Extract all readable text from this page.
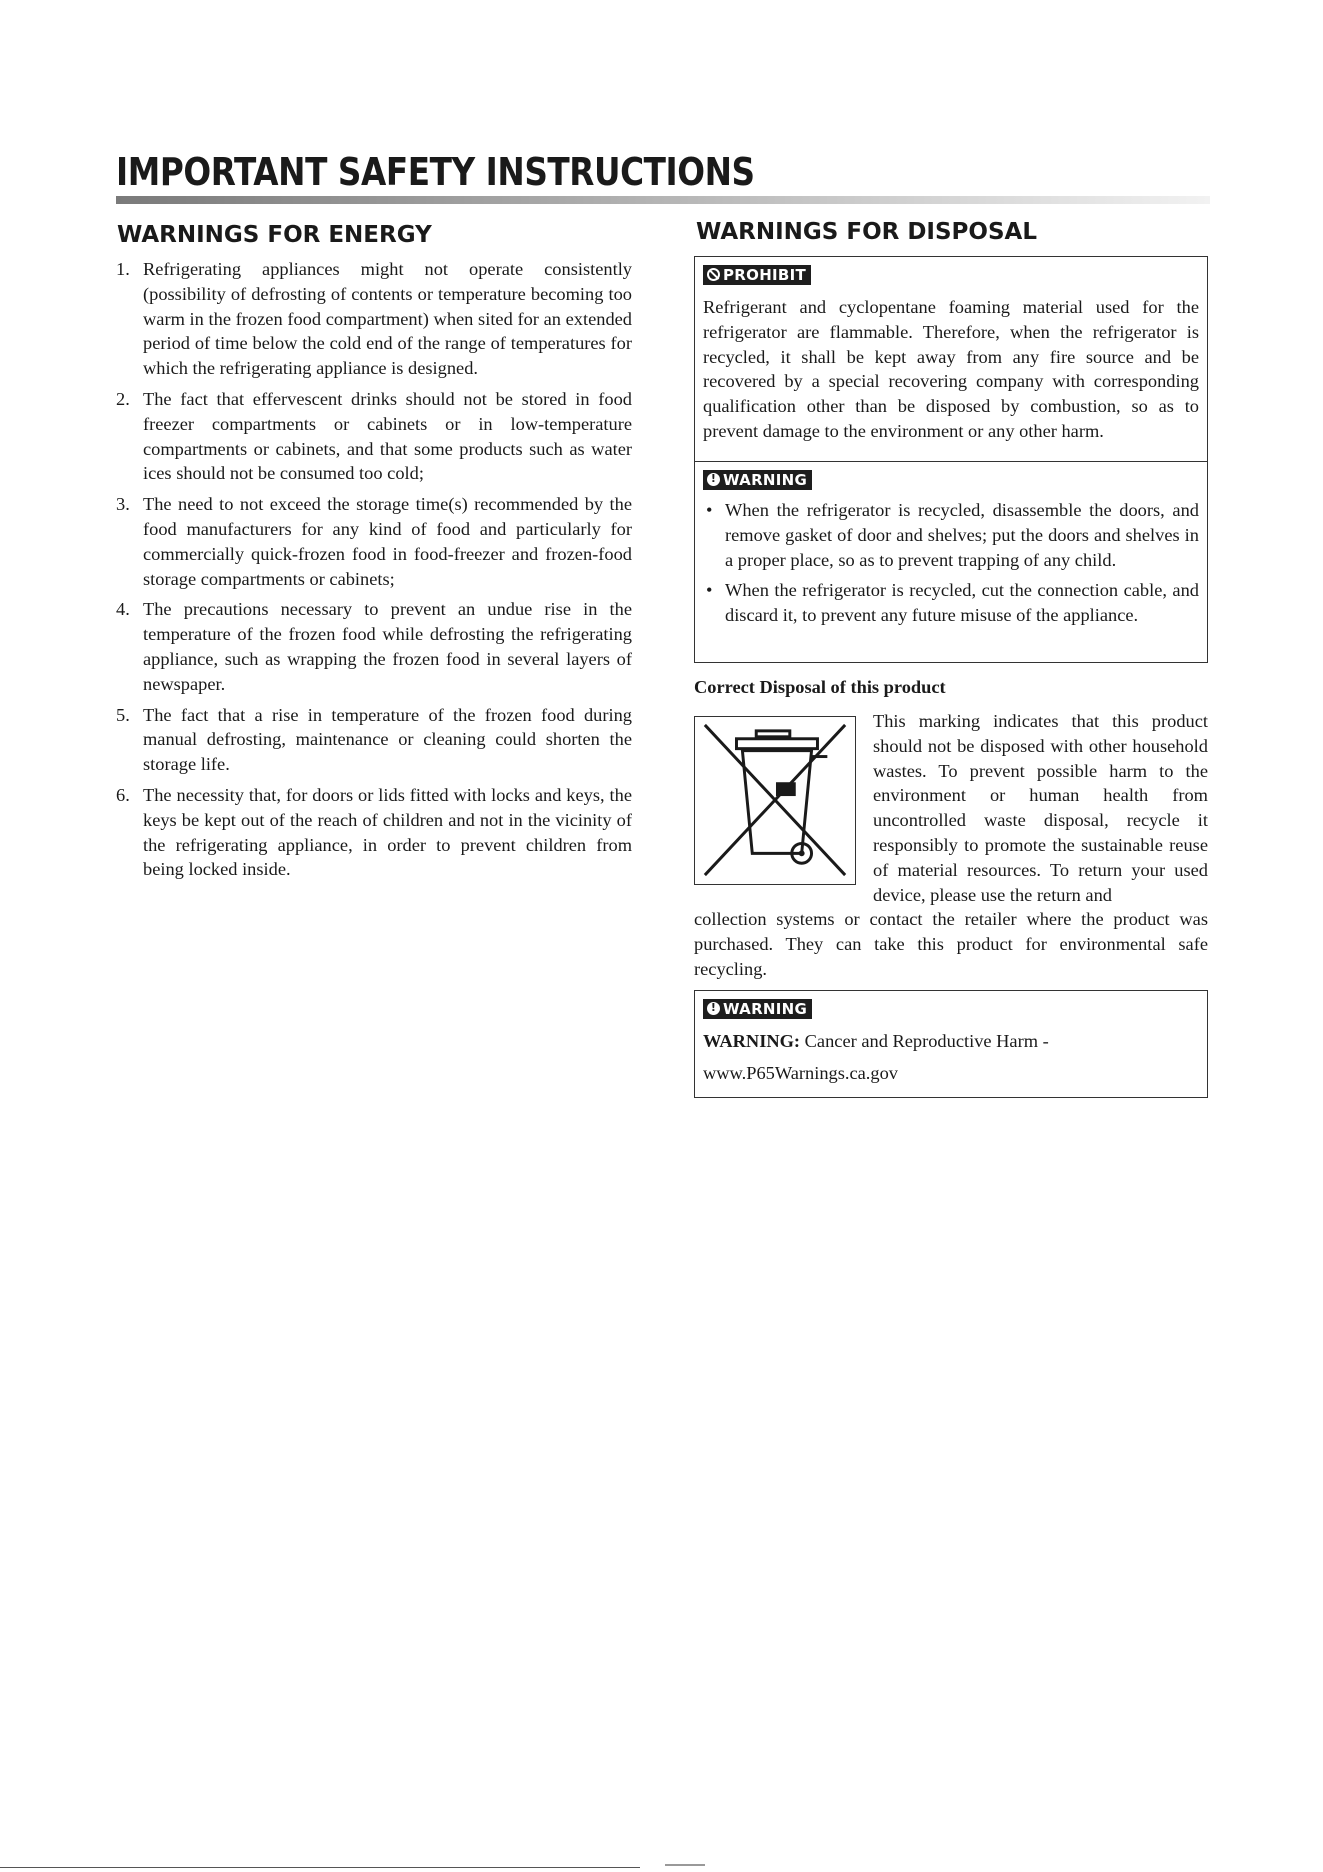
IMPORTANT SAFETY INSTRUCTIONS
WARNINGS FOR ENERGY
1. Refrigerating appliances might not operate consistently (possibility of defrosting of contents or temperature becoming too warm in the frozen food compartment) when sited for an extended period of time below the cold end of the range of temperatures for which the refrigerating appliance is designed.
2. The fact that effervescent drinks should not be stored in food freezer compartments or cabinets or in low-temperature compartments or cabinets, and that some products such as water ices should not be consumed too cold;
3. The need to not exceed the storage time(s) recommended by the food manufacturers for any kind of food and particularly for commercially quick-frozen food in food-freezer and frozen-food storage compartments or cabinets;
4. The precautions necessary to prevent an undue rise in the temperature of the frozen food while defrosting the refrigerating appliance, such as wrapping the frozen food in several layers of newspaper.
5. The fact that a rise in temperature of the frozen food during manual defrosting, maintenance or cleaning could shorten the storage life.
6. The necessity that, for doors or lids fitted with locks and keys, the keys be kept out of the reach of children and not in the vicinity of the refrigerating appliance, in order to prevent children from being locked inside.
WARNINGS FOR DISPOSAL
PROHIBIT

Refrigerant and cyclopentane foaming material used for the refrigerator are flammable. Therefore, when the refrigerator is recycled, it shall be kept away from any fire source and be recovered by a special recovering company with corresponding qualification other than be disposed by combustion, so as to prevent damage to the environment or any other harm.

!WARNING
• When the refrigerator is recycled, disassemble the doors, and remove gasket of door and shelves; put the doors and shelves in a proper place, so as to prevent trapping of any child.
• When the refrigerator is recycled, cut the connection cable, and discard it, to prevent any future misuse of the appliance.
Correct Disposal of this product

This marking indicates that this product should not be disposed with other household wastes. To prevent possible harm to the environment or human health from uncontrolled waste disposal, recycle it responsibly to promote the sustainable reuse of material resources. To return your used device, please use the return and

collection systems or contact the retailer where the product was purchased. They can take this product for environmental safe recycling.

!WARNING

WARNING: Cancer and Reproductive Harm -
www.P65Warnings.ca.gov
